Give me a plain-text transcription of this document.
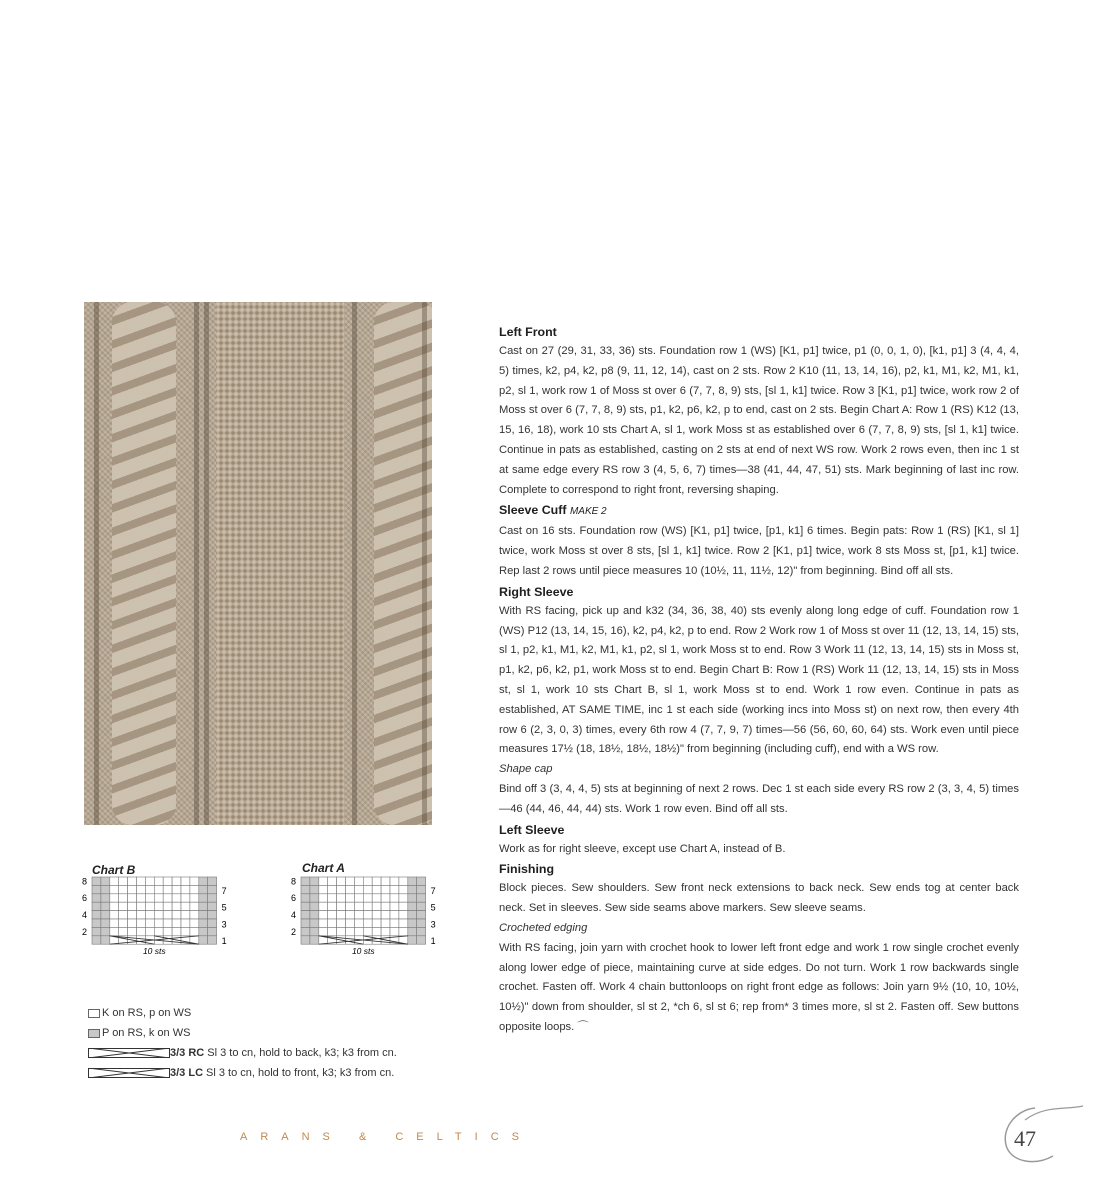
Chart B
8
6
4
2
7
5
3
1
10 sts
Chart A
8
6
4
2
7
5
3
1
10 sts
K on RS, p on WS
P on RS, k on WS
3/3 RC Sl 3 to cn, hold to back, k3; k3 from cn.
3/3 LC Sl 3 to cn, hold to front, k3; k3 from cn.
Left Front

Cast on 27 (29, 31, 33, 36) sts. Foundation row 1 (WS) [K1, p1] twice, p1 (0, 0, 1, 0), [k1, p1] 3 (4, 4, 4, 5) times, k2, p4, k2, p8 (9, 11, 12, 14), cast on 2 sts. Row 2 K10 (11, 13, 14, 16), p2, k1, M1, k2, M1, k1, p2, sl 1, work row 1 of Moss st over 6 (7, 7, 8, 9) sts, [sl 1, k1] twice. Row 3 [K1, p1] twice, work row 2 of Moss st over 6 (7, 7, 8, 9) sts, p1, k2, p6, k2, p to end, cast on 2 sts. Begin Chart A: Row 1 (RS) K12 (13, 15, 16, 18), work 10 sts Chart A, sl 1, work Moss st as established over 6 (7, 7, 8, 9) sts, [sl 1, k1] twice. Continue in pats as established, casting on 2 sts at end of next WS row. Work 2 rows even, then inc 1 st at same edge every RS row 3 (4, 5, 6, 7) times—38 (41, 44, 47, 51) sts. Mark beginning of last inc row. Complete to correspond to right front, reversing shaping.

Sleeve Cuff MAKE 2

Cast on 16 sts. Foundation row (WS) [K1, p1] twice, [p1, k1] 6 times. Begin pats: Row 1 (RS) [K1, sl 1] twice, work Moss st over 8 sts, [sl 1, k1] twice. Row 2 [K1, p1] twice, work 8 sts Moss st, [p1, k1] twice. Rep last 2 rows until piece measures 10 (10½, 11, 11½, 12)" from beginning. Bind off all sts.

Right Sleeve

With RS facing, pick up and k32 (34, 36, 38, 40) sts evenly along long edge of cuff. Foundation row 1 (WS) P12 (13, 14, 15, 16), k2, p4, k2, p to end. Row 2 Work row 1 of Moss st over 11 (12, 13, 14, 15) sts, sl 1, p2, k1, M1, k2, M1, k1, p2, sl 1, work Moss st to end. Row 3 Work 11 (12, 13, 14, 15) sts in Moss st, p1, k2, p6, k2, p1, work Moss st to end. Begin Chart B: Row 1 (RS) Work 11 (12, 13, 14, 15) sts in Moss st, sl 1, work 10 sts Chart B, sl 1, work Moss st to end. Work 1 row even. Continue in pats as established, AT SAME TIME, inc 1 st each side (working incs into Moss st) on next row, then every 4th row 6 (2, 3, 0, 3) times, every 6th row 4 (7, 7, 9, 7) times—56 (56, 60, 60, 64) sts. Work even until piece measures 17½ (18, 18½, 18½, 18½)" from beginning (including cuff), end with a WS row.

Shape cap

Bind off 3 (3, 4, 4, 5) sts at beginning of next 2 rows. Dec 1 st each side every RS row 2 (3, 3, 4, 5) times—46 (44, 46, 44, 44) sts. Work 1 row even. Bind off all sts.

Left Sleeve

Work as for right sleeve, except use Chart A, instead of B.

Finishing

Block pieces. Sew shoulders. Sew front neck extensions to back neck. Sew ends tog at center back neck. Set in sleeves. Sew side seams above markers. Sew sleeve seams.

Crocheted edging

With RS facing, join yarn with crochet hook to lower left front edge and work 1 row single crochet evenly along lower edge of piece, maintaining curve at side edges. Do not turn. Work 1 row backwards single crochet. Fasten off. Work 4 chain buttonloops on right front edge as follows: Join yarn 9½ (10, 10, 10½, 10½)" down from shoulder, sl st 2, *ch 6, sl st 6; rep from* 3 times more, sl st 2. Fasten off. Sew buttons opposite loops. ⌒

ARANS & CELTICS	47
